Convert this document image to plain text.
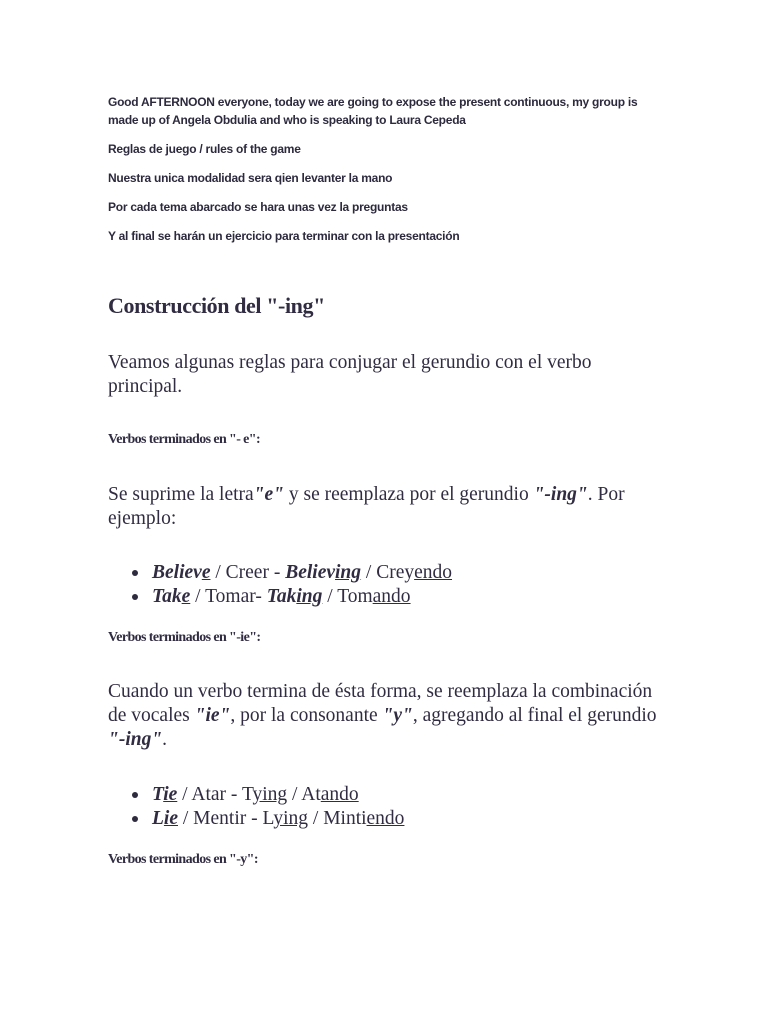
Good AFTERNOON everyone, today we are going to expose the present continuous, my group is made up of Angela Obdulia and who is speaking to Laura Cepeda

Reglas de juego / rules of the game

Nuestra unica modalidad sera qien levanter la mano

Por cada tema abarcado se hara unas vez la preguntas

Y al final se harán un ejercicio para terminar con la presentación

Construcción del "-ing"

Veamos algunas reglas para conjugar el gerundio con el verbo principal.

Verbos terminados en "- e":

Se suprime la letra"e" y se reemplaza por el gerundio "-ing". Por ejemplo:

Believe / Creer - Believing / Creyendo
Take / Tomar- Taking / Tomando

Verbos terminados en "-ie":

Cuando un verbo termina de ésta forma, se reemplaza la combinación de vocales "ie", por la consonante "y", agregando al final el gerundio "-ing".

Tie / Atar - Tying / Atando
Lie / Mentir - Lying / Mintiendo

Verbos terminados en "-y":
